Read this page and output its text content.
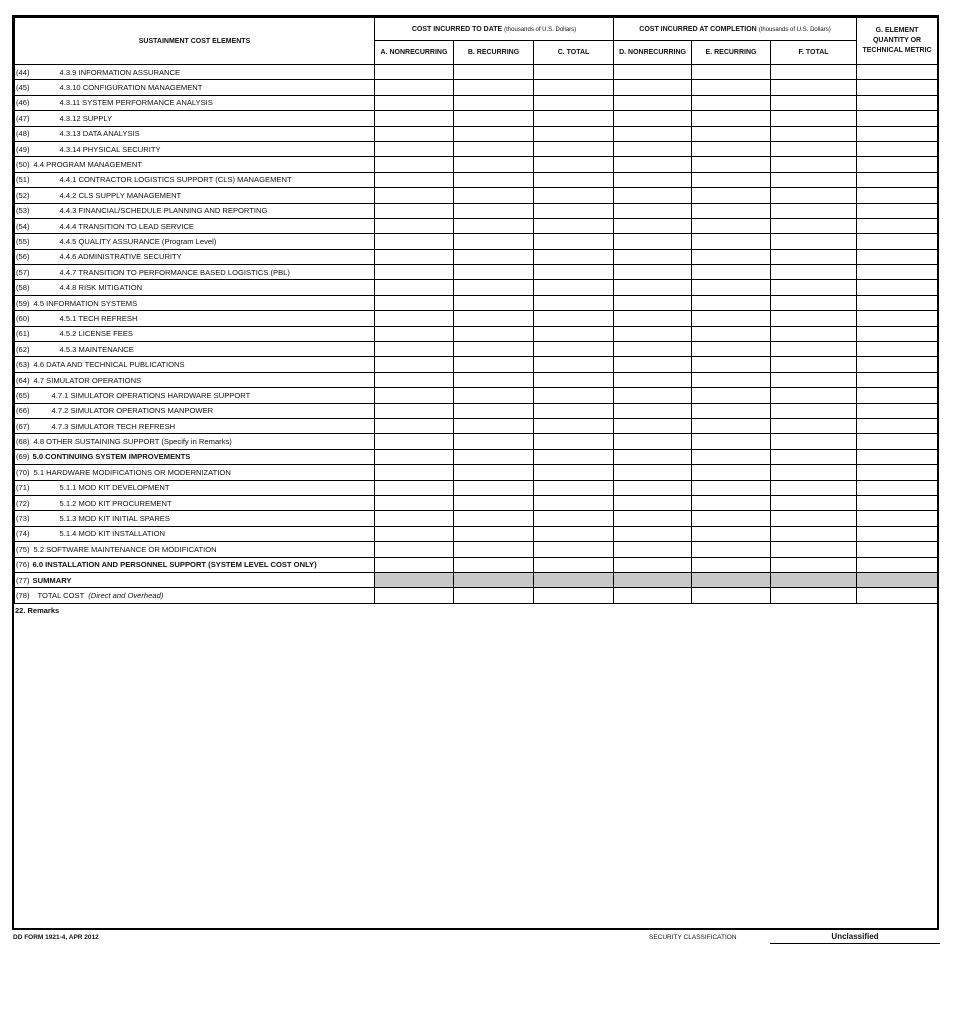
SUSTAINMENT COST ELEMENTS	COST INCURRED TO DATE (thousands of U.S. Dollars)			COST INCURRED AT COMPLETION (thousands of U.S. Dollars)			G. ELEMENT QUANTITY OR TECHNICAL METRIC
	A. NONRECURRING	B. RECURRING	C. TOTAL	D. NONRECURRING	E. RECURRING	F. TOTAL	
(44) 4.3.9 INFORMATION ASSURANCE							
(45) 4.3.10 CONFIGURATION MANAGEMENT							
(46) 4.3.11 SYSTEM PERFORMANCE ANALYSIS							
(47) 4.3.12 SUPPLY							
(48) 4.3.13 DATA ANALYSIS							
(49) 4.3.14 PHYSICAL SECURITY							
(50) 4.4 PROGRAM MANAGEMENT							
(51) 4.4.1 CONTRACTOR LOGISTICS SUPPORT (CLS) MANAGEMENT							
(52) 4.4.2 CLS SUPPLY MANAGEMENT							
(53) 4.4.3 FINANCIAL/SCHEDULE PLANNING AND REPORTING							
(54) 4.4.4 TRANSITION TO LEAD SERVICE							
(55) 4.4.5 QUALITY ASSURANCE (Program Level)							
(56) 4.4.6 ADMINISTRATIVE SECURITY							
(57) 4.4.7 TRANSITION TO PERFORMANCE BASED LOGISTICS (PBL)							
(58) 4.4.8 RISK MITIGATION							
(59) 4.5 INFORMATION SYSTEMS							
(60) 4.5.1 TECH REFRESH							
(61) 4.5.2 LICENSE FEES							
(62) 4.5.3 MAINTENANCE							
(63) 4.6 DATA AND TECHNICAL PUBLICATIONS							
(64) 4.7 SIMULATOR OPERATIONS							
(65) 4.7.1 SIMULATOR OPERATIONS HARDWARE SUPPORT							
(66) 4.7.2 SIMULATOR OPERATIONS MANPOWER							
(67) 4.7.3 SIMULATOR TECH REFRESH							
(68) 4.8 OTHER SUSTAINING SUPPORT (Specify in Remarks)							
(69) 5.0 CONTINUING SYSTEM IMPROVEMENTS							
(70) 5.1 HARDWARE MODIFICATIONS OR MODERNIZATION							
(71) 5.1.1 MOD KIT DEVELOPMENT							
(72) 5.1.2 MOD KIT PROCUREMENT							
(73) 5.1.3 MOD KIT INITIAL SPARES							
(74) 5.1.4 MOD KIT INSTALLATION							
(75) 5.2 SOFTWARE MAINTENANCE OR MODIFICATION							
(76) 6.0 INSTALLATION AND PERSONNEL SUPPORT (SYSTEM LEVEL COST ONLY)							
(77) SUMMARY							
(78) TOTAL COST (Direct and Overhead)							
22. Remarks
DD FORM 1921-4, APR 2012	SECURITY CLASSIFICATION	Unclassified
